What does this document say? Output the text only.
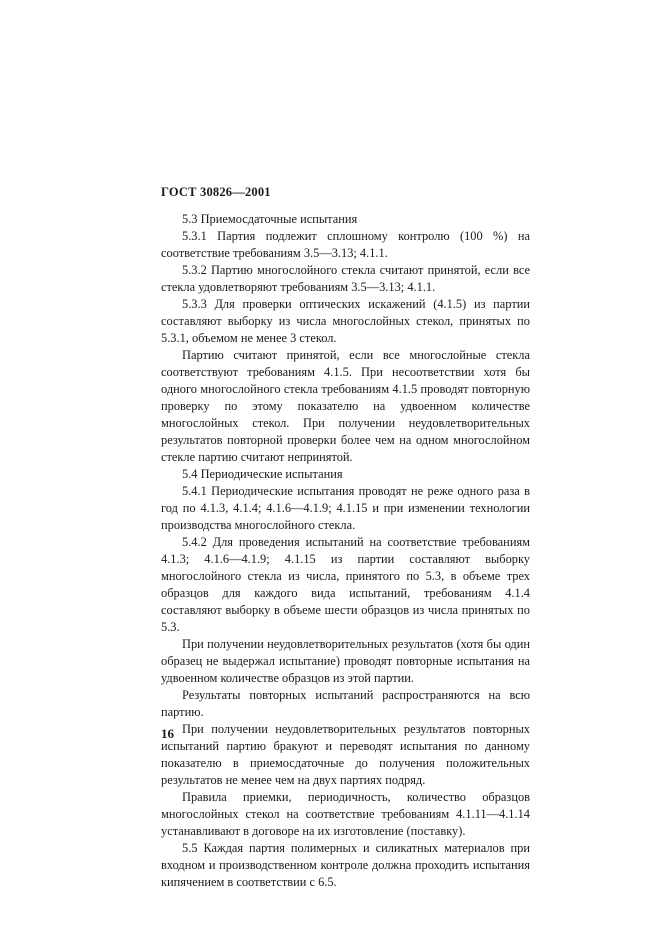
ГОСТ 30826—2001

5.3 Приемосдаточные испытания

5.3.1 Партия подлежит сплошному контролю (100 %) на соответствие требованиям 3.5—3.13; 4.1.1.

5.3.2 Партию многослойного стекла считают принятой, если все стекла удовлетворяют требованиям 3.5—3.13; 4.1.1.

5.3.3 Для проверки оптических искажений (4.1.5) из партии составляют выборку из числа многослойных стекол, принятых по 5.3.1, объемом не менее 3 стекол.

Партию считают принятой, если все многослойные стекла соответствуют требованиям 4.1.5. При несоответствии хотя бы одного многослойного стекла требованиям 4.1.5 проводят повторную проверку по этому показателю на удвоенном количестве многослойных стекол. При получении неудовлетворительных результатов повторной проверки более чем на одном многослойном стекле партию считают непринятой.

5.4 Периодические испытания

5.4.1 Периодические испытания проводят не реже одного раза в год по 4.1.3, 4.1.4; 4.1.6—4.1.9; 4.1.15 и при изменении технологии производства многослойного стекла.

5.4.2 Для проведения испытаний на соответствие требованиям 4.1.3; 4.1.6—4.1.9; 4.1.15 из партии составляют выборку многослойного стекла из числа, принятого по 5.3, в объеме трех образцов для каждого вида испытаний, требованиям 4.1.4 составляют выборку в объеме шести образцов из числа принятых по 5.3.

При получении неудовлетворительных результатов (хотя бы один образец не выдержал испытание) проводят повторные испытания на удвоенном количестве образцов из этой партии.

Результаты повторных испытаний распространяются на всю партию.

При получении неудовлетворительных результатов повторных испытаний партию бракуют и переводят испытания по данному показателю в приемосдаточные до получения положительных результатов не менее чем на двух партиях подряд.

Правила приемки, периодичность, количество образцов многослойных стекол на соответствие требованиям 4.1.11—4.1.14 устанавливают в договоре на их изготовление (поставку).

5.5 Каждая партия полимерных и силикатных материалов при входном и производственном контроле должна проходить испытания кипячением в соответствии с 6.5.

16
